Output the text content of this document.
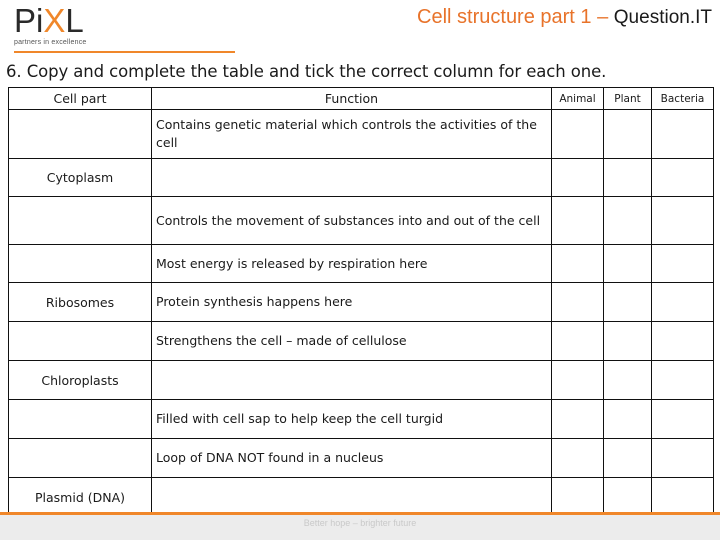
PiXL
partners in excellence
Cell structure part 1 – Question.IT
6. Copy and complete the table and tick the correct column for each one.
Cell part	Function	Animal	Plant	Bacteria
	Contains genetic material which controls the activities of the cell			
Cytoplasm				
	Controls the movement of substances into and out of the cell			
	Most energy is released by respiration here			
Ribosomes	Protein synthesis happens here			
	Strengthens the cell – made of cellulose			
Chloroplasts				
	Filled with cell sap to help keep the cell turgid			
	Loop of DNA NOT found in a nucleus			
Plasmid (DNA)				
Better hope – brighter future
